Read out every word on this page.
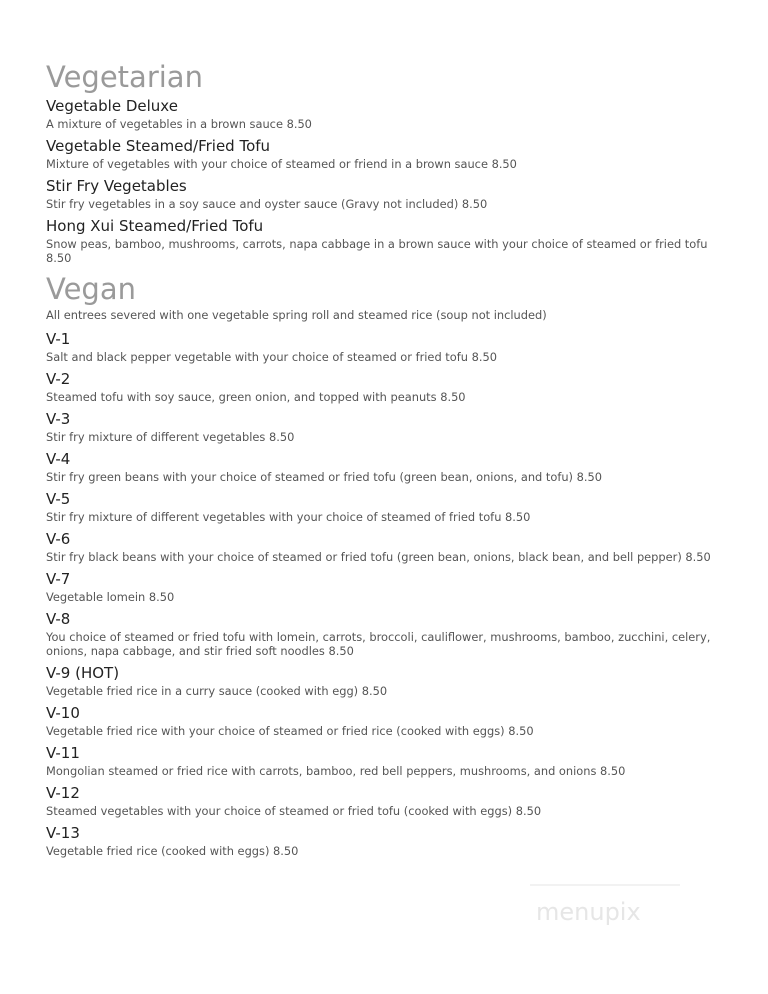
Vegetarian

Vegetable Deluxe

A mixture of vegetables in a brown sauce 8.50

Vegetable Steamed/Fried Tofu

Mixture of vegetables with your choice of steamed or friend in a brown sauce 8.50

Stir Fry Vegetables

Stir fry vegetables in a soy sauce and oyster sauce (Gravy not included) 8.50

Hong Xui Steamed/Fried Tofu

Snow peas, bamboo, mushrooms, carrots, napa cabbage in a brown sauce with your choice of steamed or fried tofu 8.50

Vegan

All entrees severed with one vegetable spring roll and steamed rice (soup not included)

V-1

Salt and black pepper vegetable with your choice of steamed or fried tofu 8.50

V-2

Steamed tofu with soy sauce, green onion, and topped with peanuts 8.50

V-3

Stir fry mixture of different vegetables 8.50

V-4

Stir fry green beans with your choice of steamed or fried tofu (green bean, onions, and tofu) 8.50

V-5

Stir fry mixture of different vegetables with your choice of steamed of fried tofu 8.50

V-6

Stir fry black beans with your choice of steamed or fried tofu (green bean, onions, black bean, and bell pepper) 8.50

V-7

Vegetable lomein 8.50

V-8

You choice of steamed or fried tofu with lomein, carrots, broccoli, cauliflower, mushrooms, bamboo, zucchini, celery, onions, napa cabbage, and stir fried soft noodles 8.50

V-9 (HOT)

Vegetable fried rice in a curry sauce (cooked with egg) 8.50

V-10

Vegetable fried rice with your choice of steamed or fried rice (cooked with eggs) 8.50

V-11

Mongolian steamed or fried rice with carrots, bamboo, red bell peppers, mushrooms, and onions 8.50

V-12

Steamed vegetables with your choice of steamed or fried tofu (cooked with eggs) 8.50

V-13

Vegetable fried rice (cooked with eggs) 8.50

menupix
